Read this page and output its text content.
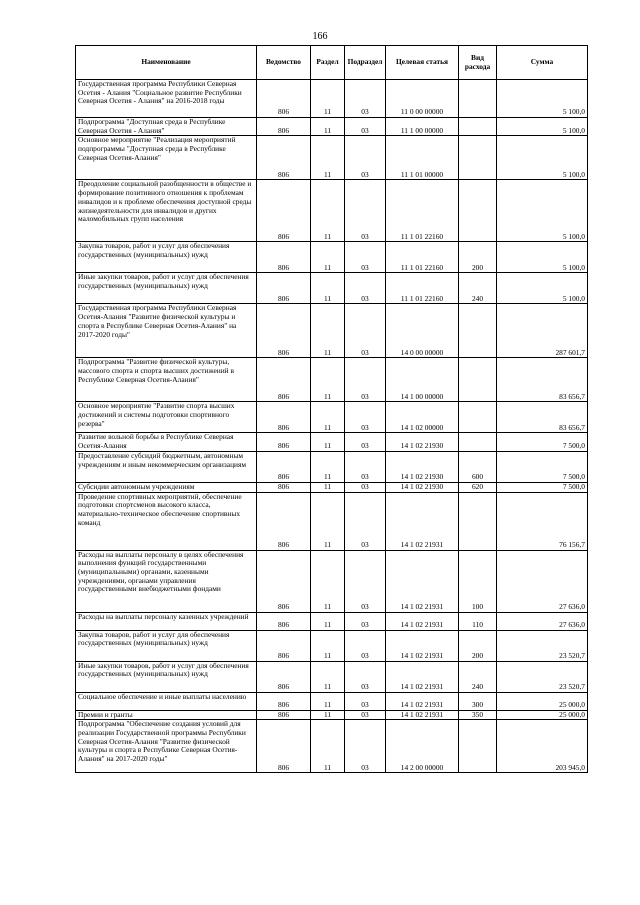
166
Наименование	Ведомство	Раздел	Подраздел	Целевая статья	Вид расхода	Сумма
Государственная программа Республики Северная Осетия - Алания "Социальное развитие Республики Северная Осетия - Алания" на 2016-2018 годы	806	11	03	11 0 00 00000		5 100,0
Подпрограмма "Доступная среда в Республике Северная Осетия - Алания"	806	11	03	11 1 00 00000		5 100,0
Основное мероприятие "Реализация мероприятий подпрограммы "Доступная среда в Республике Северная Осетия-Алания"	806	11	03	11 1 01 00000		5 100,0
Преодоление социальной разобщенности в обществе и формирование позитивного отношения к проблемам инвалидов и к проблеме обеспечения доступной среды жизнедеятельности для инвалидов и других маломобильных групп населения	806	11	03	11 1 01 22160		5 100,0
Закупка товаров, работ и услуг для обеспечения государственных (муниципальных) нужд	806	11	03	11 1 01 22160	200	5 100,0
Иные закупки товаров, работ и услуг для обеспечения государственных (муниципальных) нужд	806	11	03	11 1 01 22160	240	5 100,0
Государственная программа Республики Северная Осетия-Алания "Развитие физической культуры и спорта в Республике Северная Осетия-Алания" на 2017-2020 годы"	806	11	03	14 0 00 00000		287 601,7
Подпрограмма "Развитие физической культуры, массового спорта и спорта высших достижений в Республике Северная Осетия-Алания"	806	11	03	14 1 00 00000		83 656,7
Основное мероприятие "Развитие спорта высших достижений и системы подготовки спортивного резерва"	806	11	03	14 1 02 00000		83 656,7
Развитие вольной борьбы в Республике Северная Осетия-Алания	806	11	03	14 1 02 21930		7 500,0
Предоставление субсидий бюджетным, автономным учреждениям и иным некоммерческим организациям	806	11	03	14 1 02 21930	600	7 500,0
Субсидии автономным учреждениям	806	11	03	14 1 02 21930	620	7 500,0
Проведение спортивных мероприятий, обеспечение подготовки спортсменов высокого класса, материально-техническое обеспечение спортивных команд	806	11	03	14 1 02 21931		76 156,7
Расходы на выплаты персоналу в целях обеспечения выполнения функций государственными (муниципальными) органами, казенными учреждениями, органами управления государственными внебюджетными фондами	806	11	03	14 1 02 21931	100	27 636,0
Расходы на выплаты персоналу казенных учреждений	806	11	03	14 1 02 21931	110	27 636,0
Закупка товаров, работ и услуг для обеспечения государственных (муниципальных) нужд	806	11	03	14 1 02 21931	200	23 520,7
Иные закупки товаров, работ и услуг для обеспечения государственных (муниципальных) нужд	806	11	03	14 1 02 21931	240	23 520,7
Социальное обеспечение и иные выплаты населению	806	11	03	14 1 02 21931	300	25 000,0
Премии и гранты	806	11	03	14 1 02 21931	350	25 000,0
Подпрограмма "Обеспечение создания условий для реализации Государственной программы Республики Северная Осетия-Алания "Развитие физической культуры и спорта в Республике Северная Осетия-Алания" на 2017-2020 годы"	806	11	03	14 2 00 00000		203 945,0
